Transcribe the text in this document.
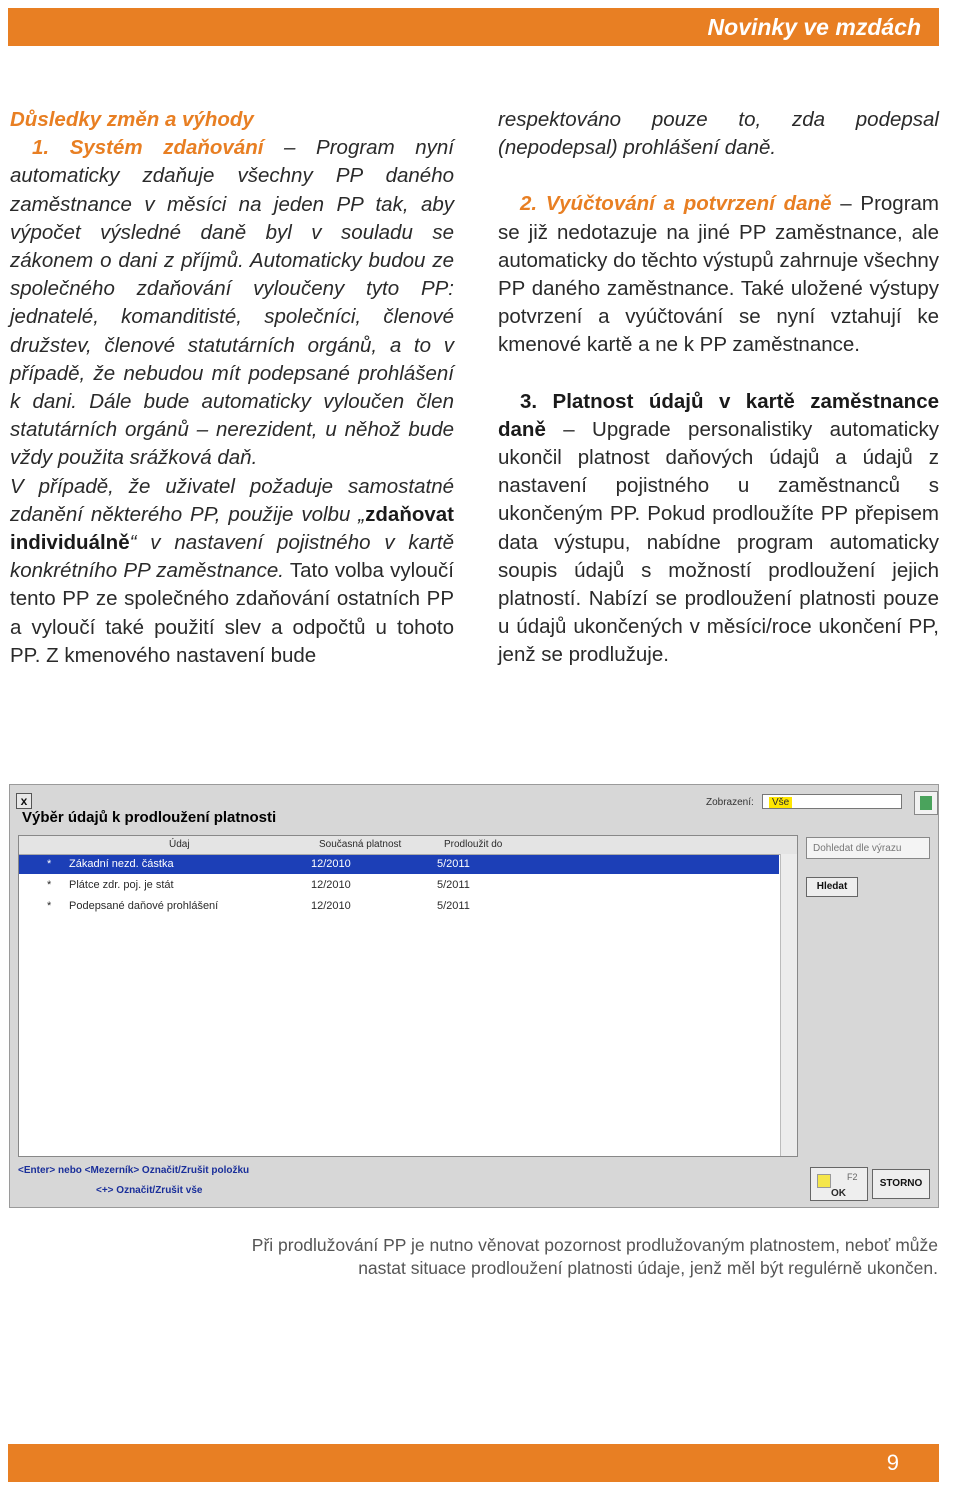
Novinky ve mzdách
Důsledky změn a výhody

1. Systém zdaňování – Program nyní automaticky zdaňuje všechny PP daného zaměstnance v měsíci na jeden PP tak, aby výpočet výsledné daně byl v souladu se zákonem o dani z příjmů. Automaticky budou ze společného zdaňování vyloučeny tyto PP: jednatelé, komanditisté, společníci, členové družstev, členové statutárních orgánů, a to v případě, že nebudou mít podepsané prohlášení k dani. Dále bude automaticky vyloučen člen statutárních orgánů – nerezident, u něhož bude vždy použita srážková daň.

V případě, že uživatel požaduje samostatné zdanění některého PP, použije volbu „zdaňovat individuálně“ v nastavení pojistného v kartě konkrétního PP zaměstnance. Tato volba vyloučí tento PP ze společného zdaňování ostatních PP a vyloučí také použití slev a odpočtů u tohoto PP. Z kmenového nastavení bude

respektováno pouze to, zda podepsal (nepodepsal) prohlášení daně.

2. Vyúčtování a potvrzení daně – Program se již nedotazuje na jiné PP zaměstnance, ale automaticky do těchto výstupů zahrnuje všechny PP daného zaměstnance. Také uložené výstupy potvrzení a vyúčtování se nyní vztahují ke kmenové kartě a ne k PP zaměstnance.

3. Platnost údajů v kartě zaměstnance daně – Upgrade personalistiky automaticky ukončil platnost daňových údajů a údajů z nastavení pojistného u zaměstnanců s ukončeným PP. Pokud prodloužíte PP přepisem data výstupu, nabídne program automaticky soupis údajů s možností prodloužení jejich platností. Nabízí se prodloužení platnosti pouze u údajů ukončených v měsíci/roce ukončení PP, jenž se prodlužuje.

x
Výběr údajů k prodloužení platnosti
Zobrazení:	Vše
Údaj	Současná platnost	Prodloužit do
* Zákadní nezd. částka	12/2010	5/2011
* Plátce zdr. poj. je stát	12/2010	5/2011
* Podepsané daňové prohlášení	12/2010	5/2011
Dohledat dle výrazu
Hledat
<Enter> nebo <Mezerník> Označit/Zrušit položku
<+> Označit/Zrušit vše
F2
OK
STORNO
Při prodlužování PP je nutno věnovat pozornost prodlužovaným platnostem, neboť může
nastat situace prodloužení platnosti údaje, jenž měl být regulérně ukončen.
9
